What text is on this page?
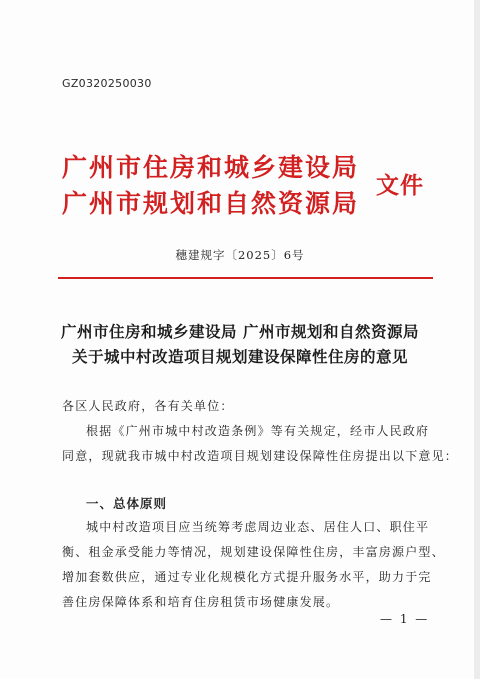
GZ0320250030
广州市住房和城乡建设局
广州市规划和自然资源局
文件
穗建规字〔2025〕6号
广州市住房和城乡建设局 广州市规划和自然资源局
关于城中村改造项目规划建设保障性住房的意见
各区人民政府，各有关单位：
根据《广州市城中村改造条例》等有关规定，经市人民政府
同意，现就我市城中村改造项目规划建设保障性住房提出以下意见：
一、总体原则
城中村改造项目应当统筹考虑周边业态、居住人口、职住平
衡、租金承受能力等情况，规划建设保障性住房，丰富房源户型、
增加套数供应，通过专业化规模化方式提升服务水平，助力于完
善住房保障体系和培育住房租赁市场健康发展。
— 1 —
